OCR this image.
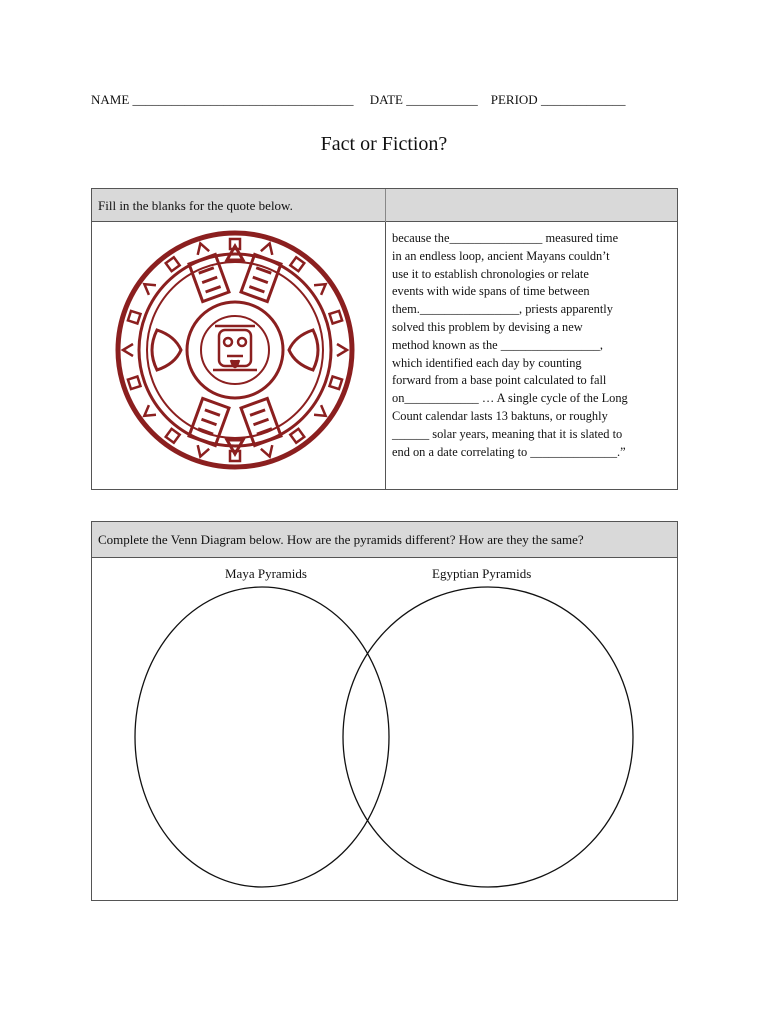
NAME __________________________________ DATE ___________ PERIOD _____________
Fact or Fiction?
Fill in the blanks for the quote below.
because the_______________ measured time
in an endless loop, ancient Mayans couldn’t
use it to establish chronologies or relate
events with wide spans of time between
them.________________, priests apparently
solved this problem by devising a new
method known as the ________________,
which identified each day by counting
forward from a base point calculated to fall
on____________ … A single cycle of the Long
Count calendar lasts 13 baktuns, or roughly
______ solar years, meaning that it is slated to
end on a date correlating to ______________.”
Complete the Venn Diagram below. How are the pyramids different? How are they the same?
Maya Pyramids	Egyptian Pyramids
